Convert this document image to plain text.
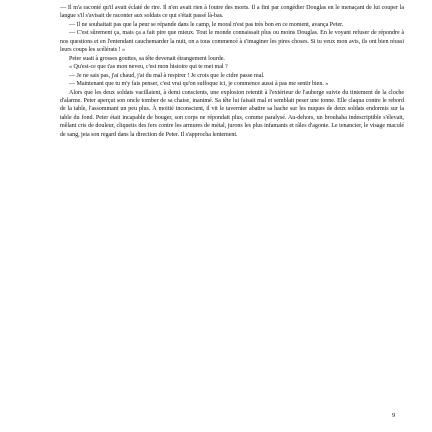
— Il m'a raconté qu'il avait éclaté de rire. Il n'en avait rien à foutre des morts. Il a fini par congédier Douglas en le menaçant de lui couper la langue s'il s'avisait de raconter aux soldats ce qui s'était passé là-bas.

— Il ne souhaitait pas que la peur se répande dans le camp, le moral n'est pas très bon en ce moment, avança Peter.

— C'est sûrement ça, mais ça a fait pire que mieux. Tout le monde connaissait plus ou moins Douglas. En le voyant refuser de répondre à nos questions et en l'entendant cauchemarder la nuit, on a tous commencé à s'imaginer les pires choses. Si tu veux mon avis, ils ont bien réussi leurs coups les scélérats ! »

Peter suait à grosses gouttes, sa tête devenait étrangement lourde.

« Qu'est-ce que t'as mon neveu, c'est mon histoire qui te met mal ?

— Je ne sais pas, j'ai chaud, j'ai du mal à respirer ! Je crois que le cidre passe mal.

— Maintenant que tu m'y fais penser, c'est vrai qu'on suffoque ici, je commence aussi à pas me sentir bien. »

Alors que les deux soldats vacillaient, à demi conscients, une explosion retentit à l'extérieur de l'auberge suivie du tintement de la cloche d'alarme. Peter aperçut son oncle tomber de sa chaise, inanimé. Sa tête lui faisait mal et semblait peser une tonne. Elle claqua contre le rebord de la table, l'assommant un peu plus. À moitié inconscient, il vit le tavernier abattre sa hache sur les nuques de deux soldats endormis sur la table du fond. Peter était incapable de bouger, son corps ne répondait plus, comme paralysé. Au-dehors, un brouhaha indescriptible s'élevait, mêlant cris de douleur, cliquetis des fers contre les armures de métal, jurons les plus infamants et râles d'agonie. Le tenancier, le visage maculé de sang, jeta son regard dans la direction de Peter. Il s'approcha lentement.

9
